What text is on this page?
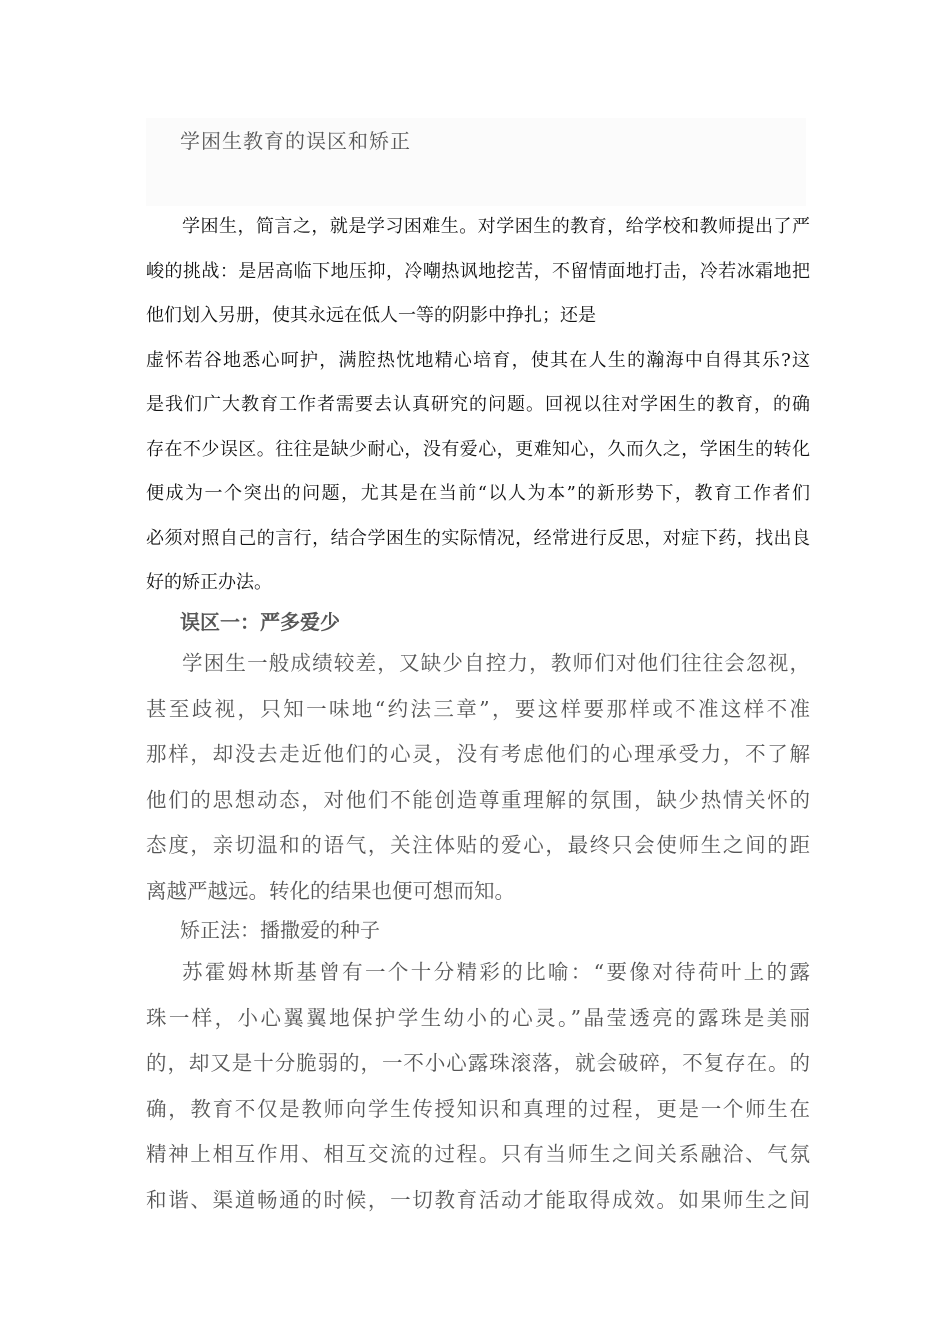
学困生教育的误区和矫正
学困生，简言之，就是学习困难生。对学困生的教育，给学校和教师提出了严
峻的挑战：是居高临下地压抑，冷嘲热讽地挖苦，不留情面地打击，冷若冰霜地把
他们划入另册，使其永远在低人一等的阴影中挣扎；还是
虚怀若谷地悉心呵护，满腔热忱地精心培育，使其在人生的瀚海中自得其乐?这
是我们广大教育工作者需要去认真研究的问题。回视以往对学困生的教育，的确
存在不少误区。往往是缺少耐心，没有爱心，更难知心，久而久之，学困生的转化
便成为一个突出的问题，尤其是在当前“以人为本”的新形势下，教育工作者们
必须对照自己的言行，结合学困生的实际情况，经常进行反思，对症下药，找出良
好的矫正办法。
误区一：严多爱少
学困生一般成绩较差，又缺少自控力，教师们对他们往往会忽视，
甚至歧视，只知一味地“约法三章”，要这样要那样或不准这样不准
那样，却没去走近他们的心灵，没有考虑他们的心理承受力，不了解
他们的思想动态，对他们不能创造尊重理解的氛围，缺少热情关怀的
态度，亲切温和的语气，关注体贴的爱心，最终只会使师生之间的距
离越严越远。转化的结果也便可想而知。
矫正法：播撒爱的种子
苏霍姆林斯基曾有一个十分精彩的比喻：“要像对待荷叶上的露
珠一样，小心翼翼地保护学生幼小的心灵。”晶莹透亮的露珠是美丽
的，却又是十分脆弱的，一不小心露珠滚落，就会破碎，不复存在。的
确，教育不仅是教师向学生传授知识和真理的过程，更是一个师生在
精神上相互作用、相互交流的过程。只有当师生之间关系融洽、气氛
和谐、渠道畅通的时候，一切教育活动才能取得成效。如果师生之间
